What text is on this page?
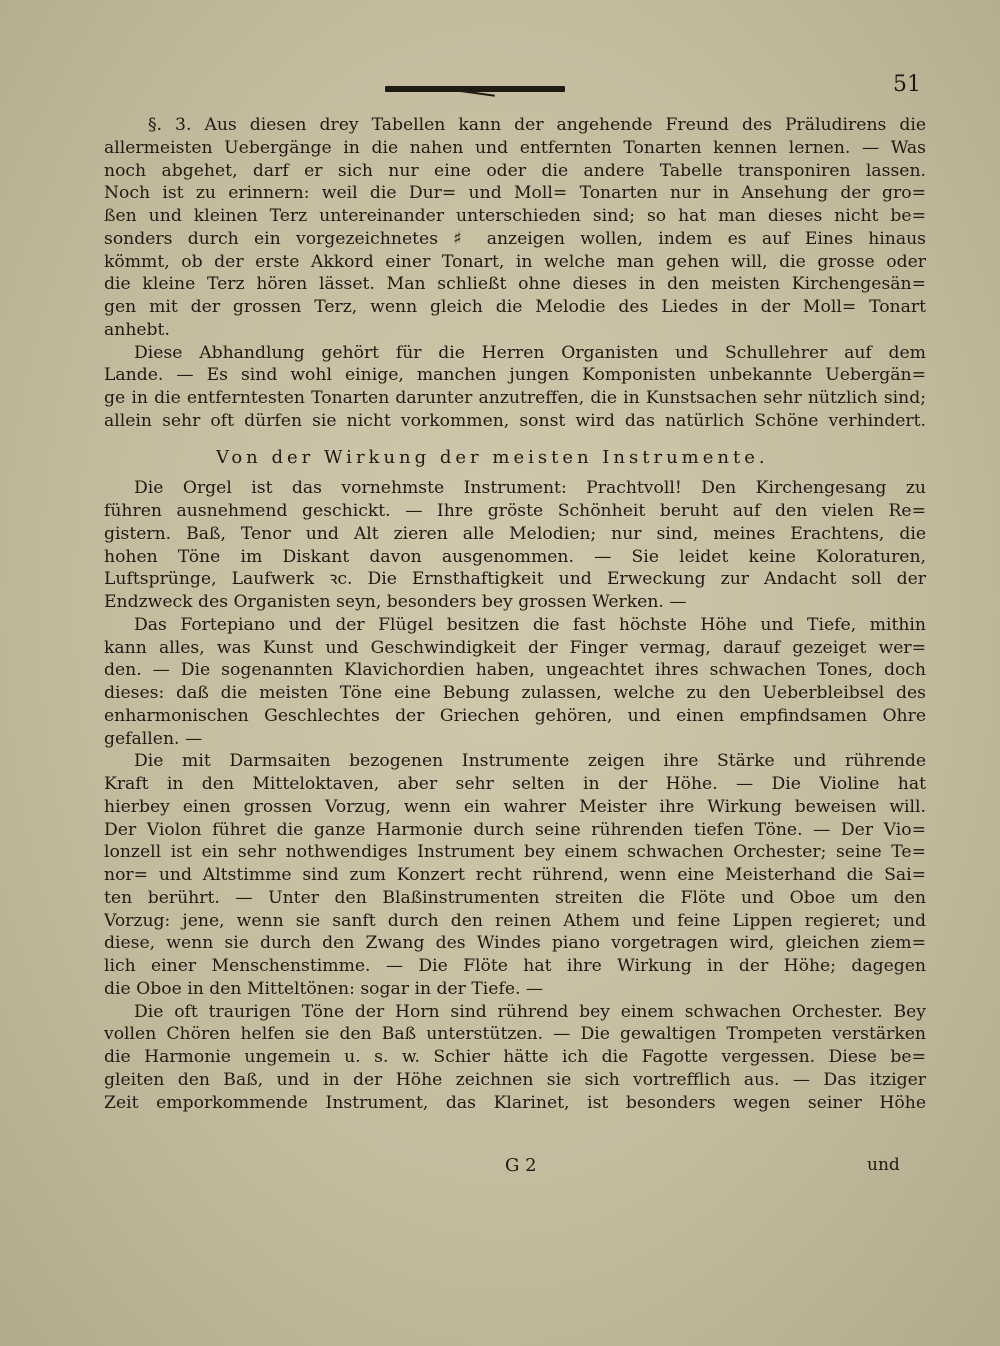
51
§. 3. Aus diesen drey Tabellen kann der angehende Freund des Präludirens die
allermeisten Uebergänge in die nahen und entfernten Tonarten kennen lernen. — Was
noch abgehet, darf er sich nur eine oder die andere Tabelle transponiren lassen.
Noch ist zu erinnern: weil die Dur= und Moll= Tonarten nur in Ansehung der gro=
ßen und kleinen Terz untereinander unterschieden sind; so hat man dieses nicht be=
sonders durch ein vorgezeichnetes ♯ anzeigen wollen, indem es auf Eines hinaus
kömmt, ob der erste Akkord einer Tonart, in welche man gehen will, die grosse oder
die kleine Terz hören lässet. Man schließt ohne dieses in den meisten Kirchengesän=
gen mit der grossen Terz, wenn gleich die Melodie des Liedes in der Moll= Tonart
anhebt.
Diese Abhandlung gehört für die Herren Organisten und Schullehrer auf dem
Lande. — Es sind wohl einige, manchen jungen Komponisten unbekannte Uebergän=
ge in die entferntesten Tonarten darunter anzutreffen, die in Kunstsachen sehr nützlich sind;
allein sehr oft dürfen sie nicht vorkommen, sonst wird das natürlich Schöne verhindert.
Von der Wirkung der meisten Instrumente.
Die Orgel ist das vornehmste Instrument: Prachtvoll! Den Kirchengesang zu
führen ausnehmend geschickt. — Ihre gröste Schönheit beruht auf den vielen Re=
gistern. Baß, Tenor und Alt zieren alle Melodien; nur sind, meines Erachtens, die
hohen Töne im Diskant davon ausgenommen. — Sie leidet keine Koloraturen,
Luftsprünge, Laufwerk ꝛc. Die Ernsthaftigkeit und Erweckung zur Andacht soll der
Endzweck des Organisten seyn, besonders bey grossen Werken. —
Das Fortepiano und der Flügel besitzen die fast höchste Höhe und Tiefe, mithin
kann alles, was Kunst und Geschwindigkeit der Finger vermag, darauf gezeiget wer=
den. — Die sogenannten Klavichordien haben, ungeachtet ihres schwachen Tones, doch
dieses: daß die meisten Töne eine Bebung zulassen, welche zu den Ueberbleibsel des
enharmonischen Geschlechtes der Griechen gehören, und einen empfindsamen Ohre
gefallen. —
Die mit Darmsaiten bezogenen Instrumente zeigen ihre Stärke und rührende
Kraft in den Mitteloktaven, aber sehr selten in der Höhe. — Die Violine hat
hierbey einen grossen Vorzug, wenn ein wahrer Meister ihre Wirkung beweisen will.
Der Violon führet die ganze Harmonie durch seine rührenden tiefen Töne. — Der Vio=
lonzell ist ein sehr nothwendiges Instrument bey einem schwachen Orchester; seine Te=
nor= und Altstimme sind zum Konzert recht rührend, wenn eine Meisterhand die Sai=
ten berührt. — Unter den Blaßinstrumenten streiten die Flöte und Oboe um den
Vorzug: jene, wenn sie sanft durch den reinen Athem und feine Lippen regieret; und
diese, wenn sie durch den Zwang des Windes piano vorgetragen wird, gleichen ziem=
lich einer Menschenstimme. — Die Flöte hat ihre Wirkung in der Höhe; dagegen
die Oboe in den Mitteltönen: sogar in der Tiefe. —
Die oft traurigen Töne der Horn sind rührend bey einem schwachen Orchester. Bey
vollen Chören helfen sie den Baß unterstützen. — Die gewaltigen Trompeten verstärken
die Harmonie ungemein u. s. w. Schier hätte ich die Fagotte vergessen. Diese be=
gleiten den Baß, und in der Höhe zeichnen sie sich vortrefflich aus. — Das itziger
Zeit emporkommende Instrument, das Klarinet, ist besonders wegen seiner Höhe
G 2	und
